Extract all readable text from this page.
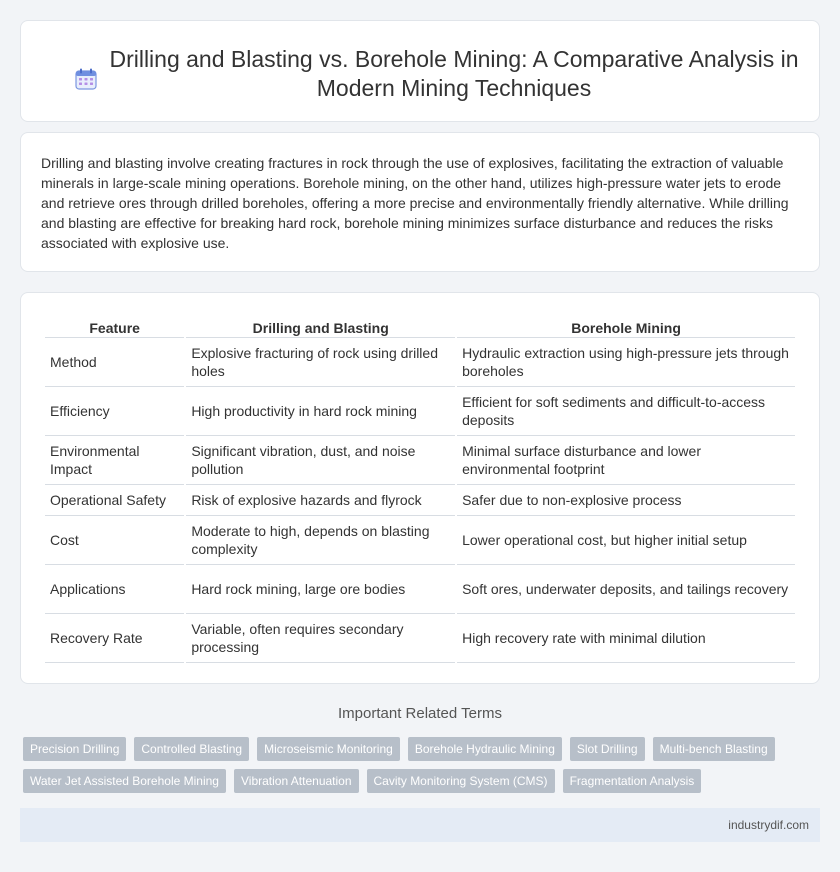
Drilling and Blasting vs. Borehole Mining: A Comparative Analysis in Modern Mining Techniques

Drilling and blasting involve creating fractures in rock through the use of explosives, facilitating the extraction of valuable minerals in large-scale mining operations. Borehole mining, on the other hand, utilizes high-pressure water jets to erode and retrieve ores through drilled boreholes, offering a more precise and environmentally friendly alternative. While drilling and blasting are effective for breaking hard rock, borehole mining minimizes surface disturbance and reduces the risks associated with explosive use.

Feature	Drilling and Blasting	Borehole Mining
Method	Explosive fracturing of rock using drilled holes	Hydraulic extraction using high-pressure jets through boreholes
Efficiency	High productivity in hard rock mining	Efficient for soft sediments and difficult-to-access deposits
Environmental Impact	Significant vibration, dust, and noise pollution	Minimal surface disturbance and lower environmental footprint
Operational Safety	Risk of explosive hazards and flyrock	Safer due to non-explosive process
Cost	Moderate to high, depends on blasting complexity	Lower operational cost, but higher initial setup
Applications	Hard rock mining, large ore bodies	Soft ores, underwater deposits, and tailings recovery
Recovery Rate	Variable, often requires secondary processing	High recovery rate with minimal dilution
Important Related Terms
Precision Drilling	Controlled Blasting	Microseismic Monitoring	Borehole Hydraulic Mining	Slot Drilling	Multi-bench Blasting
Water Jet Assisted Borehole Mining	Vibration Attenuation	Cavity Monitoring System (CMS)	Fragmentation Analysis
industrydif.com
